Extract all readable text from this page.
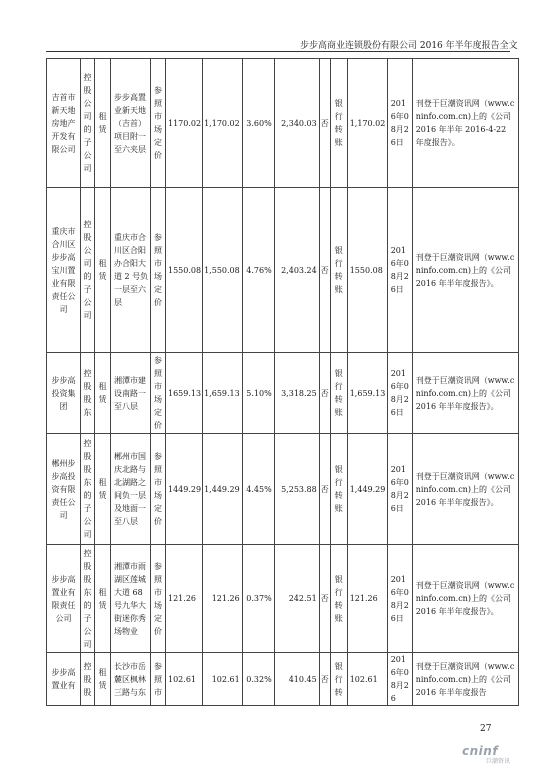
步步高商业连锁股份有限公司 2016 年半年度报告全文
吉首市新天地房地产开发有限公司	控股公司的子公司	租赁	步步高置业新天地（吉首）项目附一至六夹层	参照市场定价	1170.02	1,170.02	3.60%	2,340.03	否	银行转账	1,170.02	2016年08月26日	刊登于巨潮资讯网（www.cninfo.com.cn)上的《公司 2016 年半年 2016-4-22 年度报告》。
重庆市合川区步步高宝川置业有限责任公司	控股公司的子公司	租赁	重庆市合川区合阳办合阳大道 2 号负一层至六层	参照市场定价	1550.08	1,550.08	4.76%	2,403.24	否	银行转账	1550.08	2016年08月26日	刊登于巨潮资讯网（www.cninfo.com.cn)上的《公司 2016 年半年度报告》。
步步高投资集团	控股股东	租赁	湘潭市建设南路一至八层	参照市场定价	1659.13	1,659.13	5.10%	3,318.25	否	银行转账	1,659.13	2016年08月26日	刊登于巨潮资讯网（www.cninfo.com.cn)上的《公司 2016 年半年度报告》。
郴州步步高投资有限责任公司	控股股东的子公司	租赁	郴州市国庆北路与北湖路之间负一层及地面一至八层	参照市场定价	1449.29	1,449.29	4.45%	5,253.88	否	银行转账	1,449.29	2016年08月26日	刊登于巨潮资讯网（www.cninfo.com.cn)上的《公司 2016 年半年度报告》。
步步高置业有限责任公司	控股股东的子公司	租赁	湘潭市雨湖区莲城大道 68 号九华大街迷你秀场物业	参照市场定价	121.26	121.26	0.37%	242.51	否	银行转账	121.26	2016年08月26日	刊登于巨潮资讯网（www.cninfo.com.cn)上的《公司 2016 年半年度报告》。
步步高置业有	控股股	租赁	长沙市岳麓区枫林三路与东	参照市	102.61	102.61	0.32%	410.45	否	银行转	102.61	2016年08月26	刊登于巨潮资讯网（www.cninfo.com.cn)上的《公司 2016 年半年度报告
27
cninf
巨潮资讯
